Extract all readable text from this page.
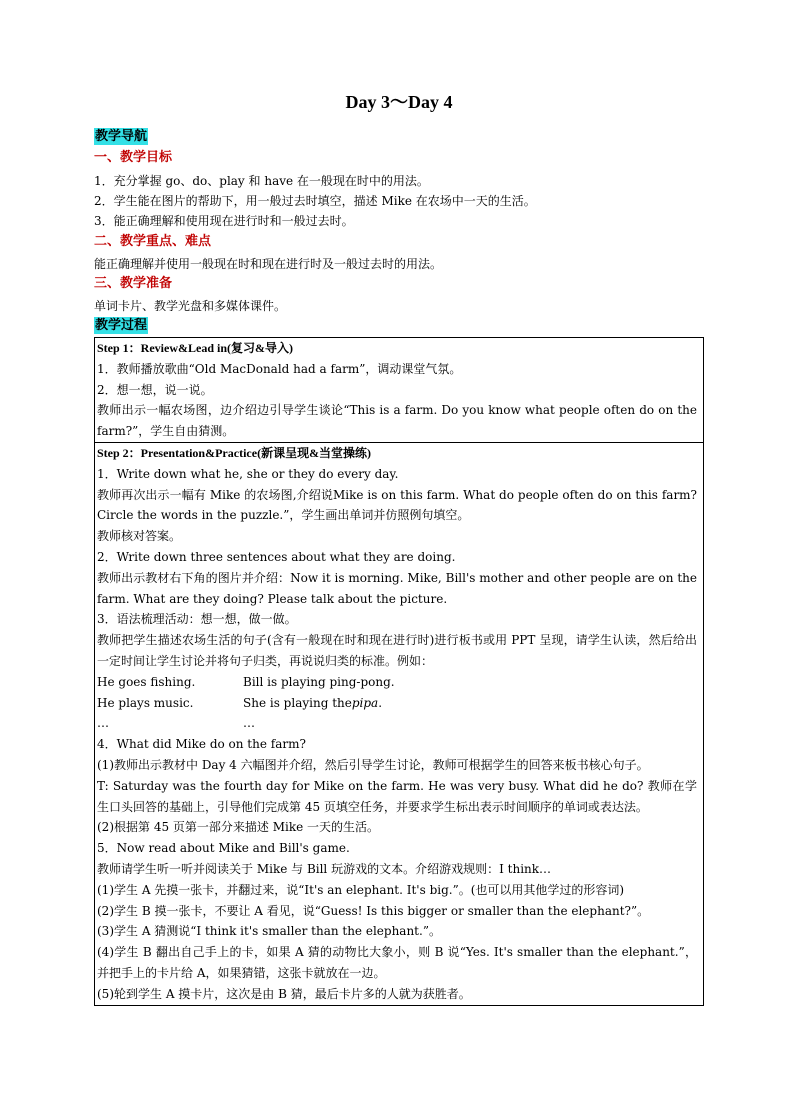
Day 3～Day 4
教学导航
一、教学目标
1．充分掌握 go、do、play 和 have 在一般现在时中的用法。
2．学生能在图片的帮助下，用一般过去时填空，描述 Mike 在农场中一天的生活。
3．能正确理解和使用现在进行时和一般过去时。
二、教学重点、难点
能正确理解并使用一般现在时和现在进行时及一般过去时的用法。
三、教学准备
单词卡片、教学光盘和多媒体课件。
教学过程
Step 1：Review&Lead in(复习&导入)
1．教师播放歌曲“Old MacDonald had a farm”，调动课堂气氛。
2．想一想，说一说。
教师出示一幅农场图，边介绍边引导学生谈论“This is a farm. Do you know what people often do on the farm?”，学生自由猜测。
Step 2：Presentation&Practice(新课呈现&当堂操练)
1．Write down what he, she or they do every day.
教师再次出示一幅有 Mike 的农场图,介绍说Mike is on this farm. What do people often do on this farm? Circle the words in the puzzle.”，学生画出单词并仿照例句填空。
教师核对答案。
2．Write down three sentences about what they are doing.
教师出示教材右下角的图片并介绍：Now it is morning. Mike, Bill's mother and other people are on the farm. What are they doing? Please talk about the picture.
3．语法梳理活动：想一想，做一做。
教师把学生描述农场生活的句子(含有一般现在时和现在进行时)进行板书或用 PPT 呈现，请学生认读，然后给出一定时间让学生讨论并将句子归类，再说说归类的标准。例如：
He goes fishing.	Bill is playing ping-pong.
He plays music.	She is playing thepipa.
…	…
4．What did Mike do on the farm?
(1)教师出示教材中 Day 4 六幅图并介绍，然后引导学生讨论，教师可根据学生的回答来板书核心句子。
T: Saturday was the fourth day for Mike on the farm. He was very busy. What did he do? 教师在学生口头回答的基础上，引导他们完成第 45 页填空任务，并要求学生标出表示时间顺序的单词或表达法。
(2)根据第 45 页第一部分来描述 Mike 一天的生活。
5．Now read about Mike and Bill's game.
教师请学生听一听并阅读关于 Mike 与 Bill 玩游戏的文本。介绍游戏规则：I think…
(1)学生 A 先摸一张卡，并翻过来，说“It's an elephant. It's big.”。(也可以用其他学过的形容词)
(2)学生 B 摸一张卡，不要让 A 看见，说“Guess! Is this bigger or smaller than the elephant?”。
(3)学生 A 猜测说“I think it's smaller than the elephant.”。
(4)学生 B 翻出自己手上的卡，如果 A 猜的动物比大象小，则 B 说“Yes. It's smaller than the elephant.”，并把手上的卡片给 A，如果猜错，这张卡就放在一边。
(5)轮到学生 A 摸卡片，这次是由 B 猜，最后卡片多的人就为获胜者。
